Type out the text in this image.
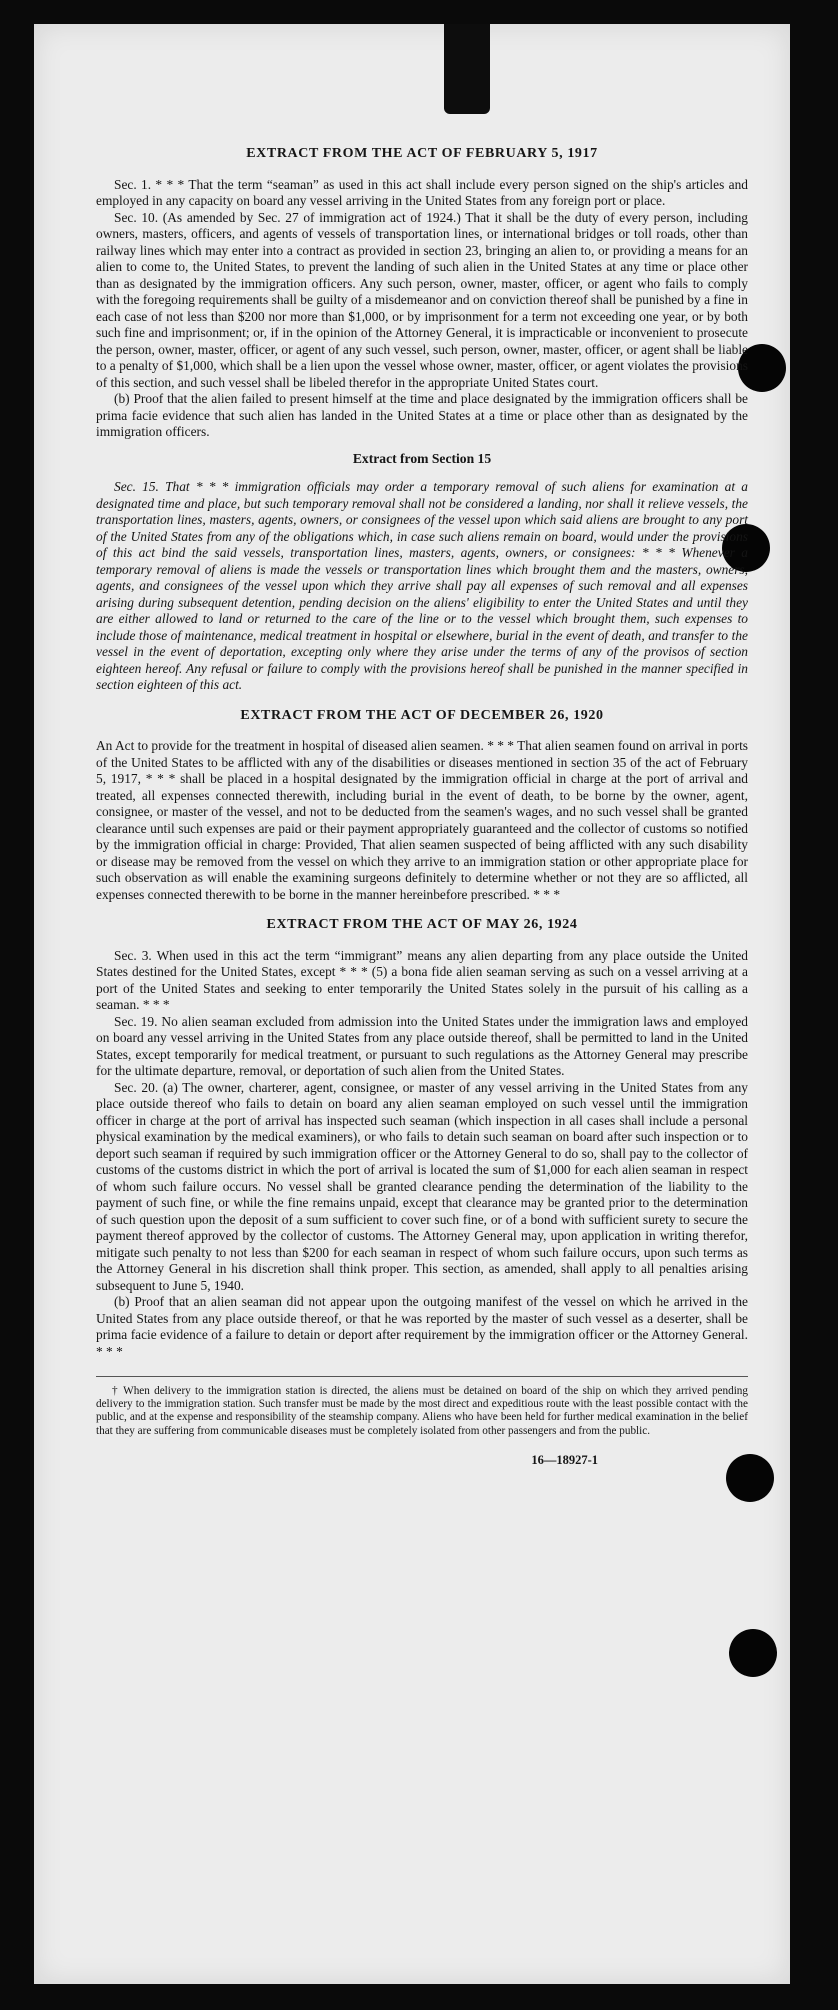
EXTRACT FROM THE ACT OF FEBRUARY 5, 1917

Sec. 1. * * * That the term “seaman” as used in this act shall include every person signed on the ship's articles and employed in any capacity on board any vessel arriving in the United States from any foreign port or place.

Sec. 10. (As amended by Sec. 27 of immigration act of 1924.) That it shall be the duty of every person, including owners, masters, officers, and agents of vessels of transportation lines, or international bridges or toll roads, other than railway lines which may enter into a contract as provided in section 23, bringing an alien to, or providing a means for an alien to come to, the United States, to prevent the landing of such alien in the United States at any time or place other than as designated by the immigration officers. Any such person, owner, master, officer, or agent who fails to comply with the foregoing requirements shall be guilty of a misdemeanor and on conviction thereof shall be punished by a fine in each case of not less than $200 nor more than $1,000, or by imprisonment for a term not exceeding one year, or by both such fine and imprisonment; or, if in the opinion of the Attorney General, it is impracticable or inconvenient to prosecute the person, owner, master, officer, or agent of any such vessel, such person, owner, master, officer, or agent shall be liable to a penalty of $1,000, which shall be a lien upon the vessel whose owner, master, officer, or agent violates the provisions of this section, and such vessel shall be libeled therefor in the appropriate United States court.

(b) Proof that the alien failed to present himself at the time and place designated by the immigration officers shall be prima facie evidence that such alien has landed in the United States at a time or place other than as designated by the immigration officers.

Extract from Section 15

Sec. 15. That * * * immigration officials may order a temporary removal of such aliens for examination at a designated time and place, but such temporary removal shall not be considered a landing, nor shall it relieve vessels, the transportation lines, masters, agents, owners, or consignees of the vessel upon which said aliens are brought to any port of the United States from any of the obligations which, in case such aliens remain on board, would under the provisions of this act bind the said vessels, transportation lines, masters, agents, owners, or consignees: * * * Whenever a temporary removal of aliens is made the vessels or transportation lines which brought them and the masters, owners, agents, and consignees of the vessel upon which they arrive shall pay all expenses of such removal and all expenses arising during subsequent detention, pending decision on the aliens' eligibility to enter the United States and until they are either allowed to land or returned to the care of the line or to the vessel which brought them, such expenses to include those of maintenance, medical treatment in hospital or elsewhere, burial in the event of death, and transfer to the vessel in the event of deportation, excepting only where they arise under the terms of any of the provisos of section eighteen hereof. Any refusal or failure to comply with the provisions hereof shall be punished in the manner specified in section eighteen of this act.

EXTRACT FROM THE ACT OF DECEMBER 26, 1920

An Act to provide for the treatment in hospital of diseased alien seamen. * * * That alien seamen found on arrival in ports of the United States to be afflicted with any of the disabilities or diseases mentioned in section 35 of the act of February 5, 1917, * * * shall be placed in a hospital designated by the immigration official in charge at the port of arrival and treated, all expenses connected therewith, including burial in the event of death, to be borne by the owner, agent, consignee, or master of the vessel, and not to be deducted from the seamen's wages, and no such vessel shall be granted clearance until such expenses are paid or their payment appropriately guaranteed and the collector of customs so notified by the immigration official in charge: Provided, That alien seamen suspected of being afflicted with any such disability or disease may be removed from the vessel on which they arrive to an immigration station or other appropriate place for such observation as will enable the examining surgeons definitely to determine whether or not they are so afflicted, all expenses connected therewith to be borne in the manner hereinbefore prescribed. * * *

EXTRACT FROM THE ACT OF MAY 26, 1924

Sec. 3. When used in this act the term “immigrant” means any alien departing from any place outside the United States destined for the United States, except * * * (5) a bona fide alien seaman serving as such on a vessel arriving at a port of the United States and seeking to enter temporarily the United States solely in the pursuit of his calling as a seaman. * * *

Sec. 19. No alien seaman excluded from admission into the United States under the immigration laws and employed on board any vessel arriving in the United States from any place outside thereof, shall be permitted to land in the United States, except temporarily for medical treatment, or pursuant to such regulations as the Attorney General may prescribe for the ultimate departure, removal, or deportation of such alien from the United States.

Sec. 20. (a) The owner, charterer, agent, consignee, or master of any vessel arriving in the United States from any place outside thereof who fails to detain on board any alien seaman employed on such vessel until the immigration officer in charge at the port of arrival has inspected such seaman (which inspection in all cases shall include a personal physical examination by the medical examiners), or who fails to detain such seaman on board after such inspection or to deport such seaman if required by such immigration officer or the Attorney General to do so, shall pay to the collector of customs of the customs district in which the port of arrival is located the sum of $1,000 for each alien seaman in respect of whom such failure occurs. No vessel shall be granted clearance pending the determination of the liability to the payment of such fine, or while the fine remains unpaid, except that clearance may be granted prior to the determination of such question upon the deposit of a sum sufficient to cover such fine, or of a bond with sufficient surety to secure the payment thereof approved by the collector of customs. The Attorney General may, upon application in writing therefor, mitigate such penalty to not less than $200 for each seaman in respect of whom such failure occurs, upon such terms as the Attorney General in his discretion shall think proper. This section, as amended, shall apply to all penalties arising subsequent to June 5, 1940.

(b) Proof that an alien seaman did not appear upon the outgoing manifest of the vessel on which he arrived in the United States from any place outside thereof, or that he was reported by the master of such vessel as a deserter, shall be prima facie evidence of a failure to detain or deport after requirement by the immigration officer or the Attorney General. * * *

† When delivery to the immigration station is directed, the aliens must be detained on board of the ship on which they arrived pending delivery to the immigration station. Such transfer must be made by the most direct and expeditious route with the least possible contact with the public, and at the expense and responsibility of the steamship company. Aliens who have been held for further medical examination in the belief that they are suffering from communicable diseases must be completely isolated from other passengers and from the public.

16—18927-1
